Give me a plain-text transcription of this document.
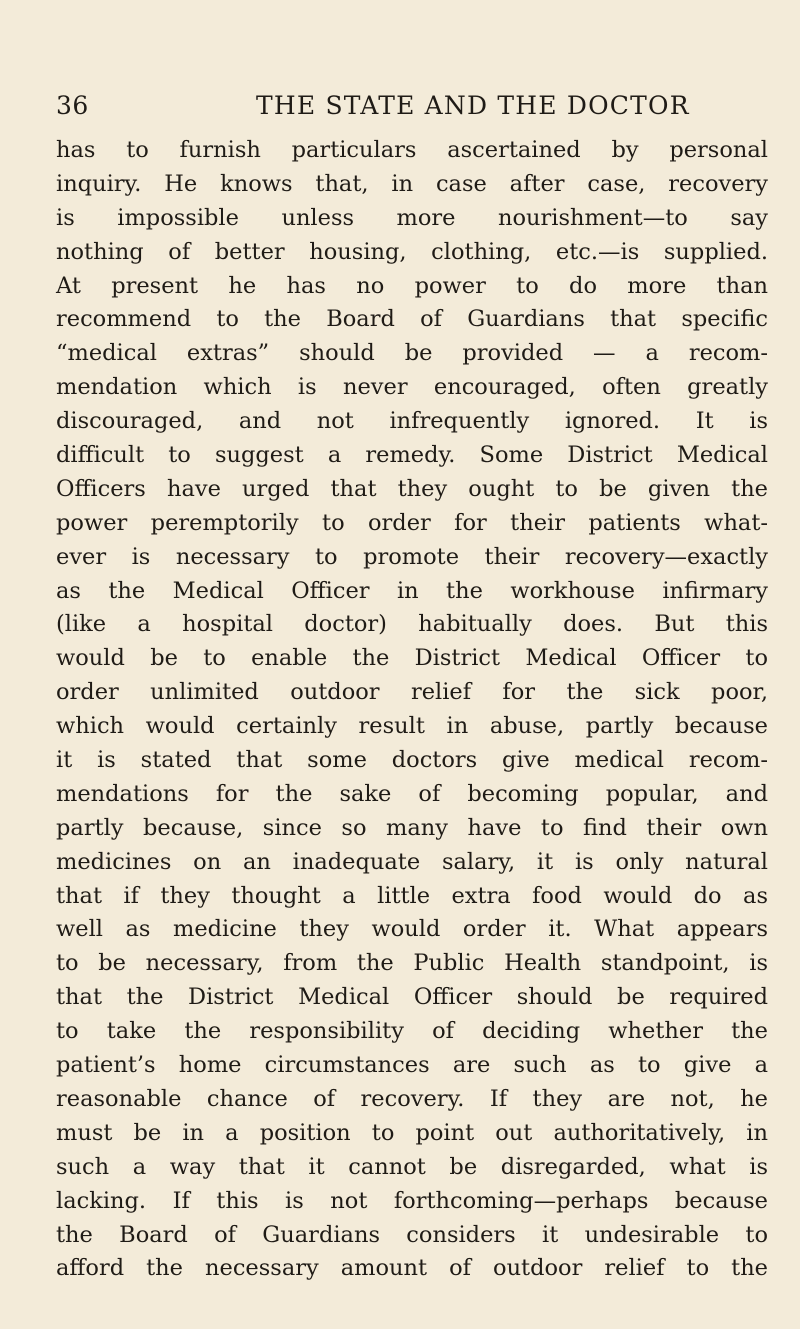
36	THE STATE AND THE DOCTOR
has to furnish particulars ascertained by personal
inquiry. He knows that, in case after case, recovery
is impossible unless more nourishment—to say
nothing of better housing, clothing, etc.—is supplied.
At present he has no power to do more than
recommend to the Board of Guardians that specific
“medical extras” should be provided — a recom-
mendation which is never encouraged, often greatly
discouraged, and not infrequently ignored. It is
difficult to suggest a remedy. Some District Medical
Officers have urged that they ought to be given the
power peremptorily to order for their patients what-
ever is necessary to promote their recovery—exactly
as the Medical Officer in the workhouse infirmary
(like a hospital doctor) habitually does. But this
would be to enable the District Medical Officer to
order unlimited outdoor relief for the sick poor,
which would certainly result in abuse, partly because
it is stated that some doctors give medical recom-
mendations for the sake of becoming popular, and
partly because, since so many have to find their own
medicines on an inadequate salary, it is only natural
that if they thought a little extra food would do as
well as medicine they would order it. What appears
to be necessary, from the Public Health standpoint, is
that the District Medical Officer should be required
to take the responsibility of deciding whether the
patient’s home circumstances are such as to give a
reasonable chance of recovery. If they are not, he
must be in a position to point out authoritatively, in
such a way that it cannot be disregarded, what is
lacking. If this is not forthcoming—perhaps because
the Board of Guardians considers it undesirable to
afford the necessary amount of outdoor relief to the
